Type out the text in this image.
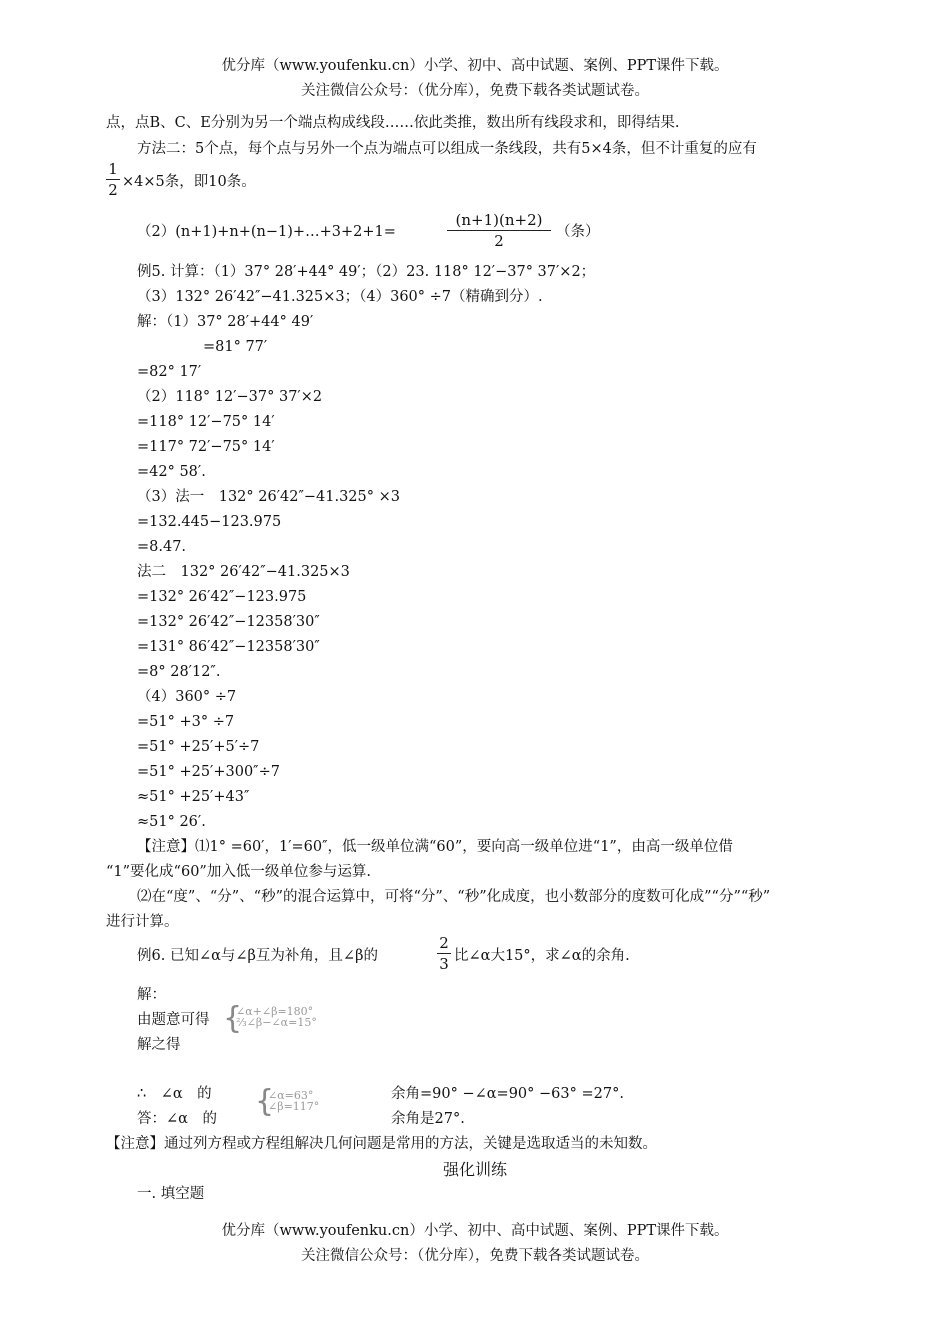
优分库（www.youfenku.cn）小学、初中、高中试题、案例、PPT课件下载。
关注微信公众号：（优分库），免费下载各类试题试卷。
点，点B、C、E分别为另一个端点构成线段……依此类推，数出所有线段求和，即得结果.
方法二：5个点，每个点与另外一个点为端点可以组成一条线段，共有5×4条，但不计重复的应有
1
2 ×4×5条，即10条。
（2）(n+1)+n+(n−1)+…+3+2+1=
(n+1)(n+2)
2	（条）
例5. 计算：（1）37° 28′+44° 49′；（2）23. 118° 12′−37° 37′×2；
（3）132° 26′42″−41.325×3；（4）360° ÷7（精确到分）.
解：（1）37° 28′+44° 49′
=81° 77′
=82° 17′
（2）118° 12′−37° 37′×2
=118° 12′−75° 14′
=117° 72′−75° 14′
=42° 58′.
（3）法一　132° 26′42″−41.325° ×3
=132.445−123.975
=8.47.
法二　132° 26′42″−41.325×3
=132° 26′42″−123.975
=132° 26′42″−12358′30″
=131° 86′42″−12358′30″
=8° 28′12″.
（4）360° ÷7
=51° +3° ÷7
=51° +25′+5′÷7
=51° +25′+300″÷7
≈51° +25′+43″
≈51° 26′.
【注意】⑴1° =60′，1′=60″，低一级单位满“60”，要向高一级单位进“1”，由高一级单位借
“1”要化成“60”加入低一级单位参与运算.
⑵在“度”、“分”、“秒”的混合运算中，可将“分”、“秒”化成度，也小数部分的度数可化成”“分”“秒”
进行计算。
例6. 已知∠α与∠β互为补角，且∠β的
2
3 比∠α大15°，求∠α的余角.
解：
由题意可得 {
∠α+∠β=180°
⅔∠β−∠α=15°
解之得
∴　∠α　的
答：∠α　的 {
∠α=63°
∠β=117°
余角=90° −∠α=90° −63° =27°.
余角是27°.
【注意】通过列方程或方程组解决几何问题是常用的方法，关键是选取适当的未知数。
强化训练
一. 填空题
优分库（www.youfenku.cn）小学、初中、高中试题、案例、PPT课件下载。
关注微信公众号：（优分库），免费下载各类试题试卷。
